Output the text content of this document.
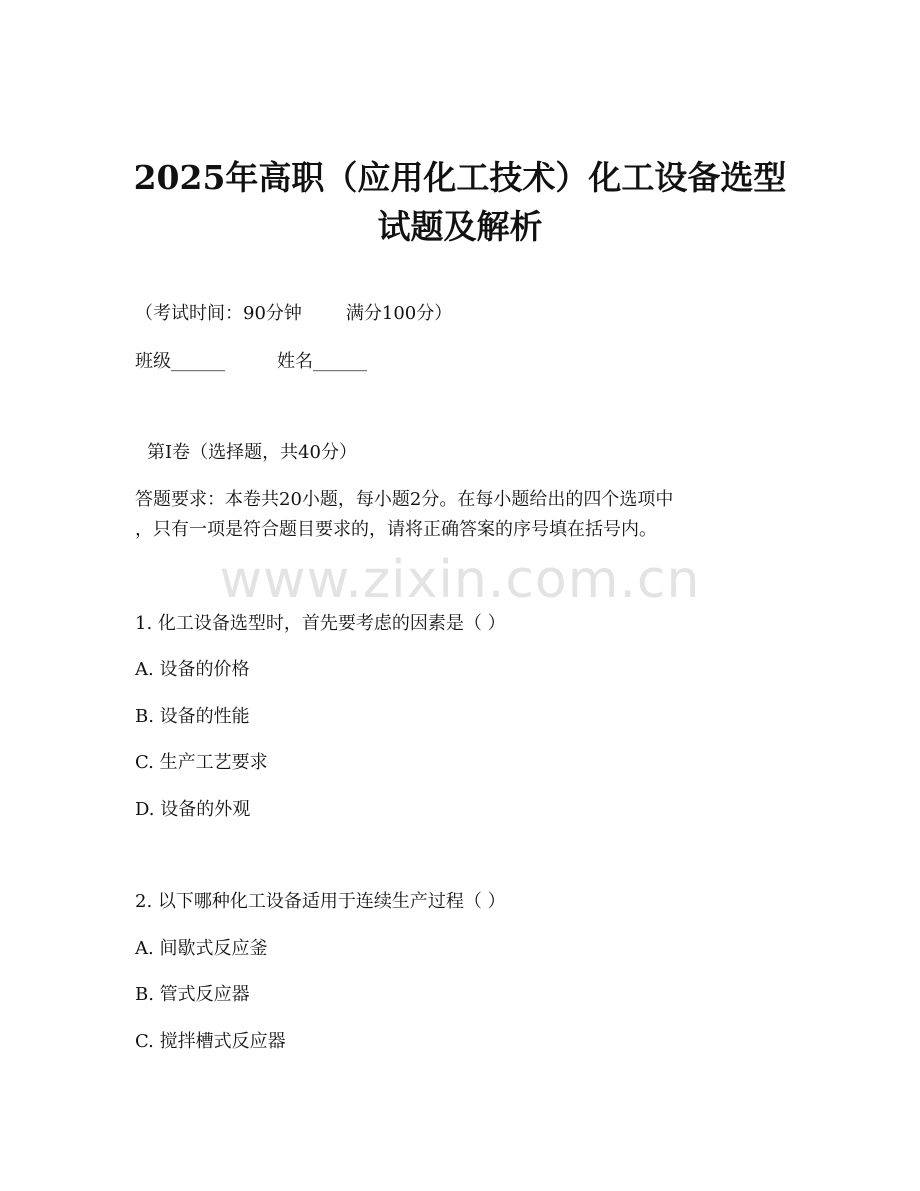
2025年高职（应用化工技术）化工设备选型
试题及解析
（考试时间：90分钟 满分100分）
班级______	姓名______
第I卷（选择题，共40分）
答题要求：本卷共20小题，每小题2分。在每小题给出的四个选项中
，只有一项是符合题目要求的，请将正确答案的序号填在括号内。
www.zixin.com.cn
1. 化工设备选型时，首先要考虑的因素是（ ）
A. 设备的价格
B. 设备的性能
C. 生产工艺要求
D. 设备的外观
2. 以下哪种化工设备适用于连续生产过程（ ）
A. 间歇式反应釜
B. 管式反应器
C. 搅拌槽式反应器
